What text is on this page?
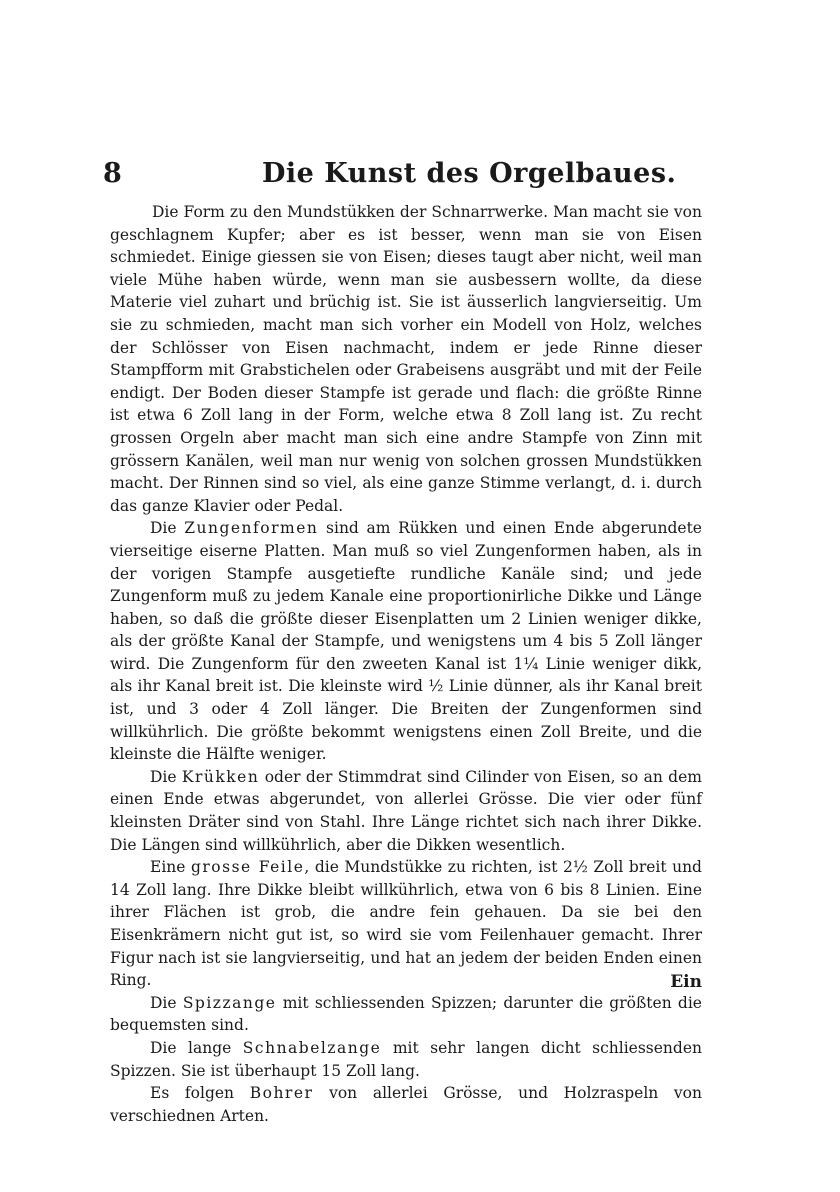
8	Die Kunst des Orgelbaues.

Die Form zu den Mundstükken der Schnarrwerke. Man macht sie von geschlagnem Kupfer; aber es ist besser, wenn man sie von Eisen schmiedet. Einige giessen sie von Eisen; dieses taugt aber nicht, weil man viele Mühe haben würde, wenn man sie ausbessern wollte, da diese Materie viel zuhart und brüchig ist. Sie ist äusserlich langvierseitig. Um sie zu schmieden, macht man sich vorher ein Modell von Holz, welches der Schlösser von Eisen nachmacht, indem er jede Rinne dieser Stampfform mit Grabstichelen oder Grabeisens ausgräbt und mit der Feile endigt. Der Boden dieser Stampfe ist gerade und flach: die größte Rinne ist etwa 6 Zoll lang in der Form, welche etwa 8 Zoll lang ist. Zu recht grossen Orgeln aber macht man sich eine andre Stampfe von Zinn mit grössern Kanälen, weil man nur wenig von solchen grossen Mundstükken macht. Der Rinnen sind so viel, als eine ganze Stimme verlangt, d. i. durch das ganze Klavier oder Pedal.

Die Zungenformen sind am Rükken und einen Ende abgerundete vierseitige eiserne Platten. Man muß so viel Zungenformen haben, als in der vorigen Stampfe ausgetiefte rundliche Kanäle sind; und jede Zungenform muß zu jedem Kanale eine proportionirliche Dikke und Länge haben, so daß die größte dieser Eisenplatten um 2 Linien weniger dikke, als der größte Kanal der Stampfe, und wenigstens um 4 bis 5 Zoll länger wird. Die Zungenform für den zweeten Kanal ist 1¼ Linie weniger dikk, als ihr Kanal breit ist. Die kleinste wird ½ Linie dünner, als ihr Kanal breit ist, und 3 oder 4 Zoll länger. Die Breiten der Zungenformen sind willkührlich. Die größte bekommt wenigstens einen Zoll Breite, und die kleinste die Hälfte weniger.

Die Krükken oder der Stimmdrat sind Cilinder von Eisen, so an dem einen Ende etwas abgerundet, von allerlei Grösse. Die vier oder fünf kleinsten Dräter sind von Stahl. Ihre Länge richtet sich nach ihrer Dikke. Die Längen sind willkührlich, aber die Dikken wesentlich.

Eine grosse Feile, die Mundstükke zu richten, ist 2½ Zoll breit und 14 Zoll lang. Ihre Dikke bleibt willkührlich, etwa von 6 bis 8 Linien. Eine ihrer Flächen ist grob, die andre fein gehauen. Da sie bei den Eisenkrämern nicht gut ist, so wird sie vom Feilenhauer gemacht. Ihrer Figur nach ist sie langvierseitig, und hat an jedem der beiden Enden einen Ring.

Die Spizzange mit schliessenden Spizzen; darunter die größten die bequemsten sind.

Die lange Schnabelzange mit sehr langen dicht schliessenden Spizzen. Sie ist überhaupt 15 Zoll lang.

Es folgen Bohrer von allerlei Grösse, und Holzraspeln von verschiednen Arten.

Ein
